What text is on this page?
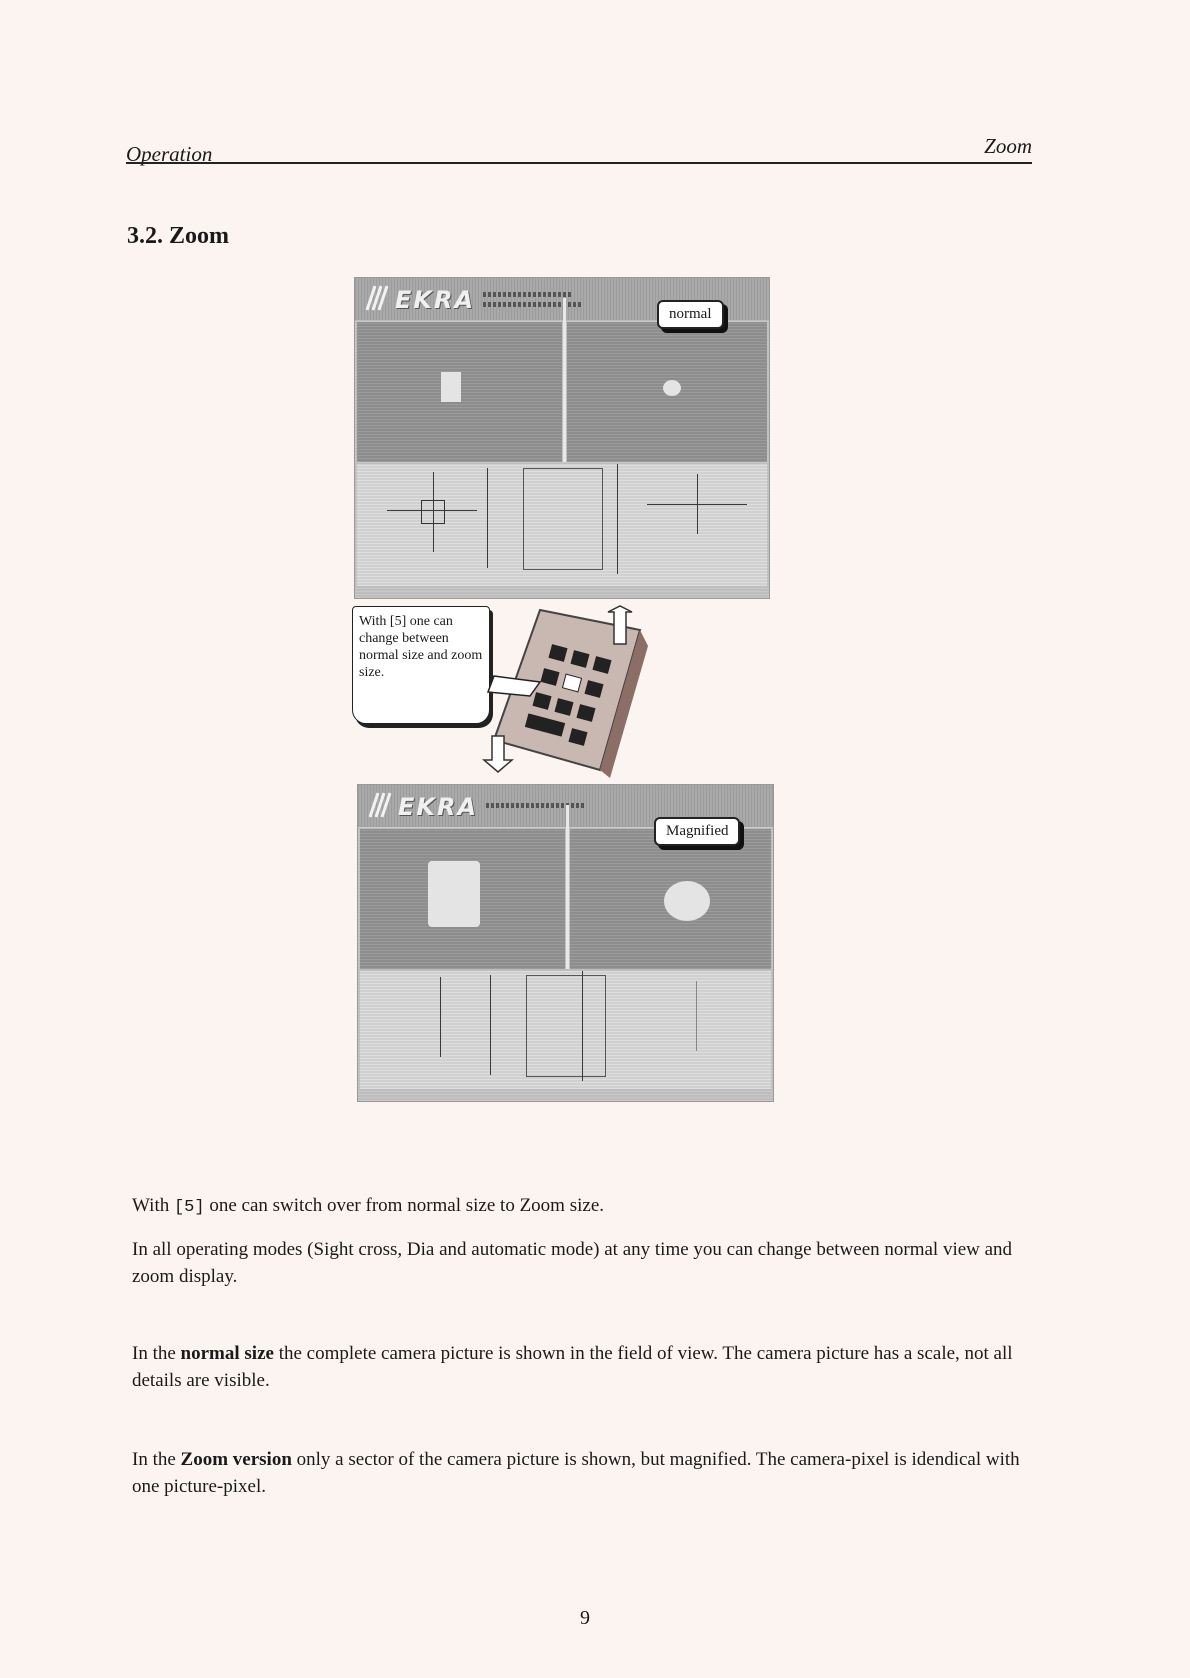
Operation	Zoom
3.2. Zoom
EKRA	normal
With [5] one can change between normal size and zoom size.
EKRA
Magnified
With [5] one can switch over from normal size to Zoom size.
In all operating modes (Sight cross, Dia and automatic mode) at any time you can change between normal view and zoom display.
In the normal size the complete camera picture is shown in the field of view. The camera picture has a scale, not all details are visible.
In the Zoom version only a sector of the camera picture is shown, but magnified. The camera-pixel is idendical with one picture-pixel.
9
